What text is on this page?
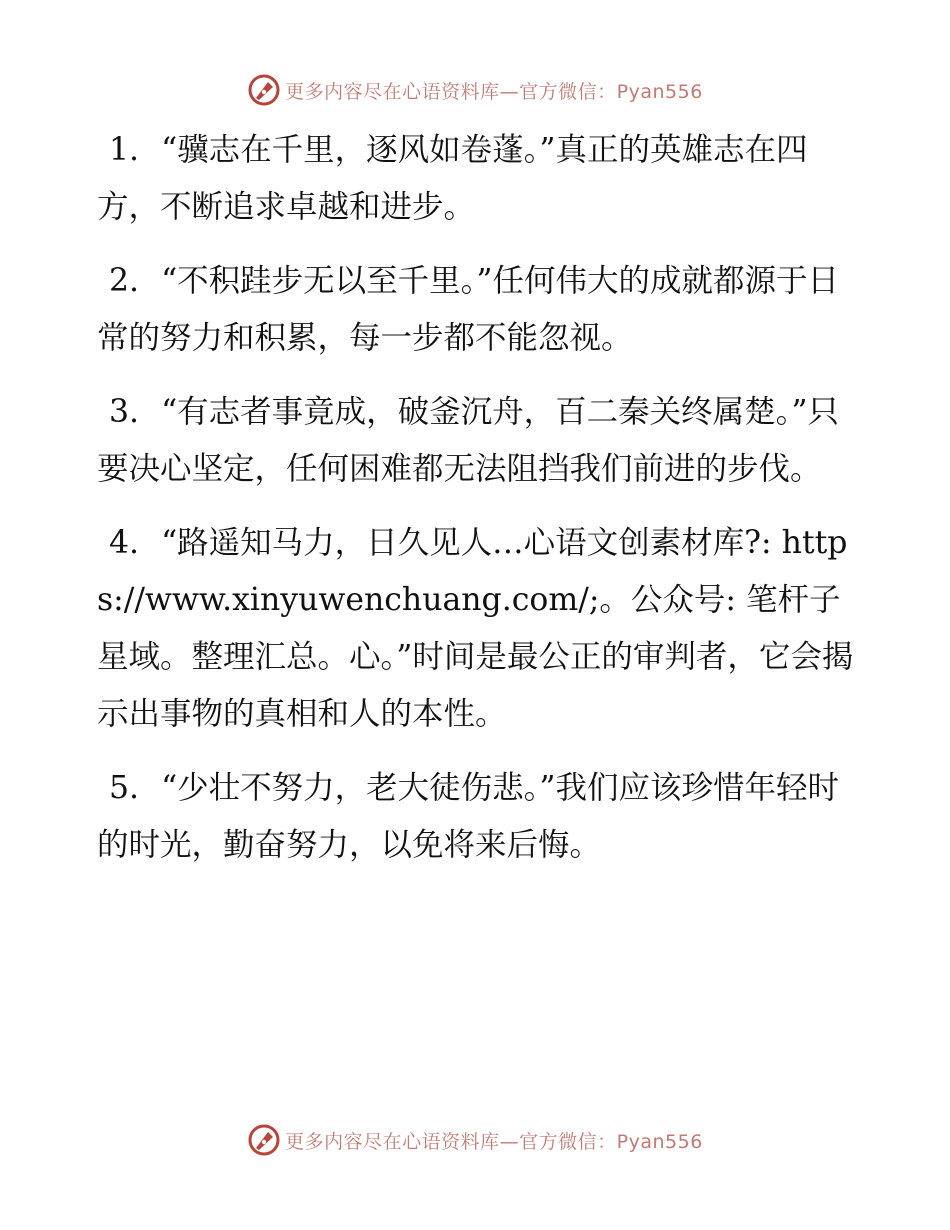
更多内容尽在心语资料库—官方微信：Pyan556

1. “骥志在千里，逐风如卷蓬。”真正的英雄志在四方，不断追求卓越和进步。

2. “不积跬步无以至千里。”任何伟大的成就都源于日常的努力和积累，每一步都不能忽视。

3. “有志者事竟成，破釜沉舟，百二秦关终属楚。”只要决心坚定，任何困难都无法阻挡我们前进的步伐。

4. “路遥知马力，日久见人…心语文创素材库?: https://www.xinyuwenchuang.com/;。公众号: 笔杆子星域。整理汇总。心。”时间是最公正的审判者，它会揭示出事物的真相和人的本性。

5. “少壮不努力，老大徒伤悲。”我们应该珍惜年轻时的时光，勤奋努力，以免将来后悔。

更多内容尽在心语资料库—官方微信：Pyan556
